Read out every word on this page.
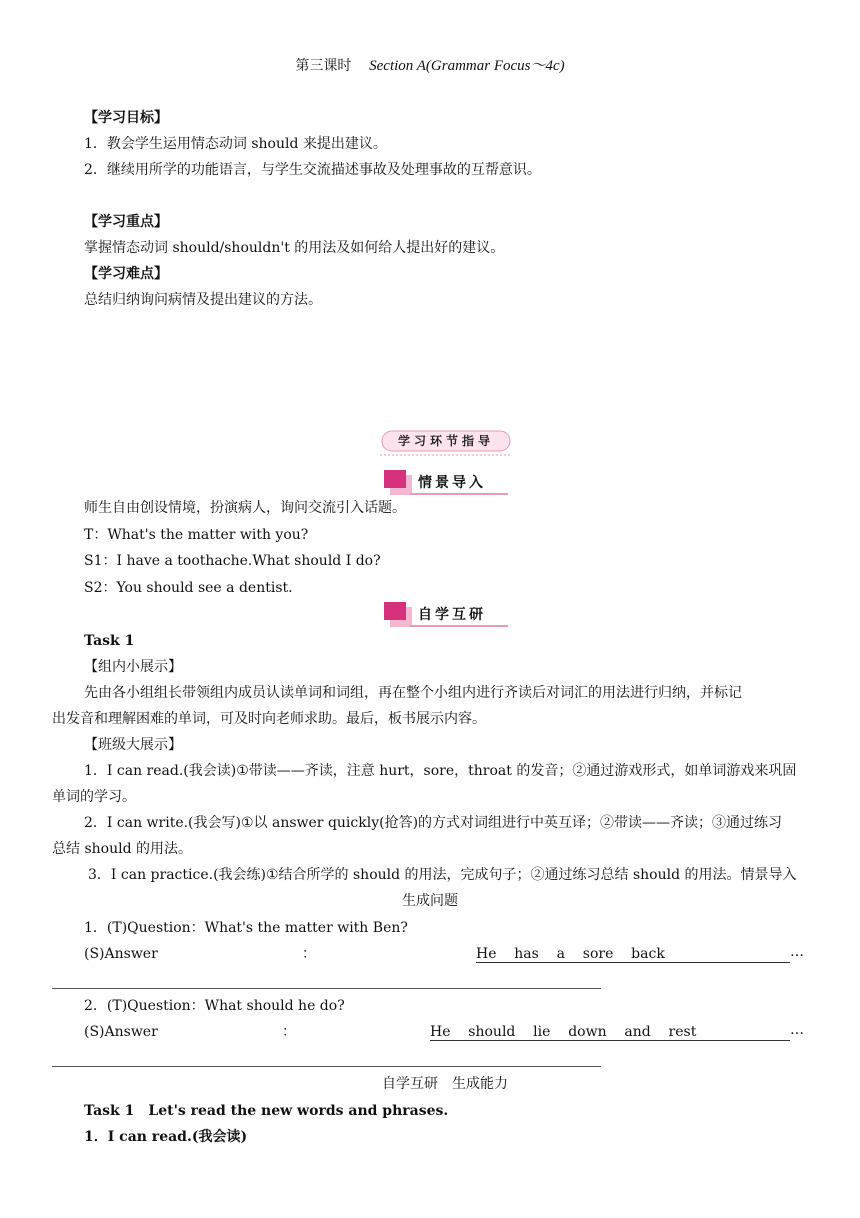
第三课时 Section A(Grammar Focus～4c)
【学习目标】
1．教会学生运用情态动词 should 来提出建议。
2．继续用所学的功能语言，与学生交流描述事故及处理事故的互帮意识。
【学习重点】
掌握情态动词 should/shouldn't 的用法及如何给人提出好的建议。
【学习难点】
总结归纳询问病情及提出建议的方法。
学习环节指导
情景导入
师生自由创设情境，扮演病人，询问交流引入话题。
T：What's the matter with you?
S1：I have a toothache.What should I do?
S2：You should see a dentist.
自学互研
Task 1
【组内小展示】
先由各小组组长带领组内成员认读单词和词组，再在整个小组内进行齐读后对词汇的用法进行归纳，并标记
出发音和理解困难的单词，可及时向老师求助。最后，板书展示内容。
【班级大展示】
1．I can read.(我会读)①带读——齐读，注意 hurt，sore，throat 的发音；②通过游戏形式，如单词游戏来巩固
单词的学习。
2．I can write.(我会写)①以 answer quickly(抢答)的方式对词组进行中英互译；②带读——齐读；③通过练习
总结 should 的用法。
3．I can practice.(我会练)①结合所学的 should 的用法，完成句子；②通过练习总结 should 的用法。情景导入
生成问题
1．(T)Question：What's the matter with Ben?
(S)Answer	：	He    has    a    sore    back	…
2．(T)Question：What should he do?
(S)Answer	：	He    should    lie    down    and    rest	…
自学互研　生成能力
Task 1　Let's read the new words and phrases.
1．I can read.(我会读)
